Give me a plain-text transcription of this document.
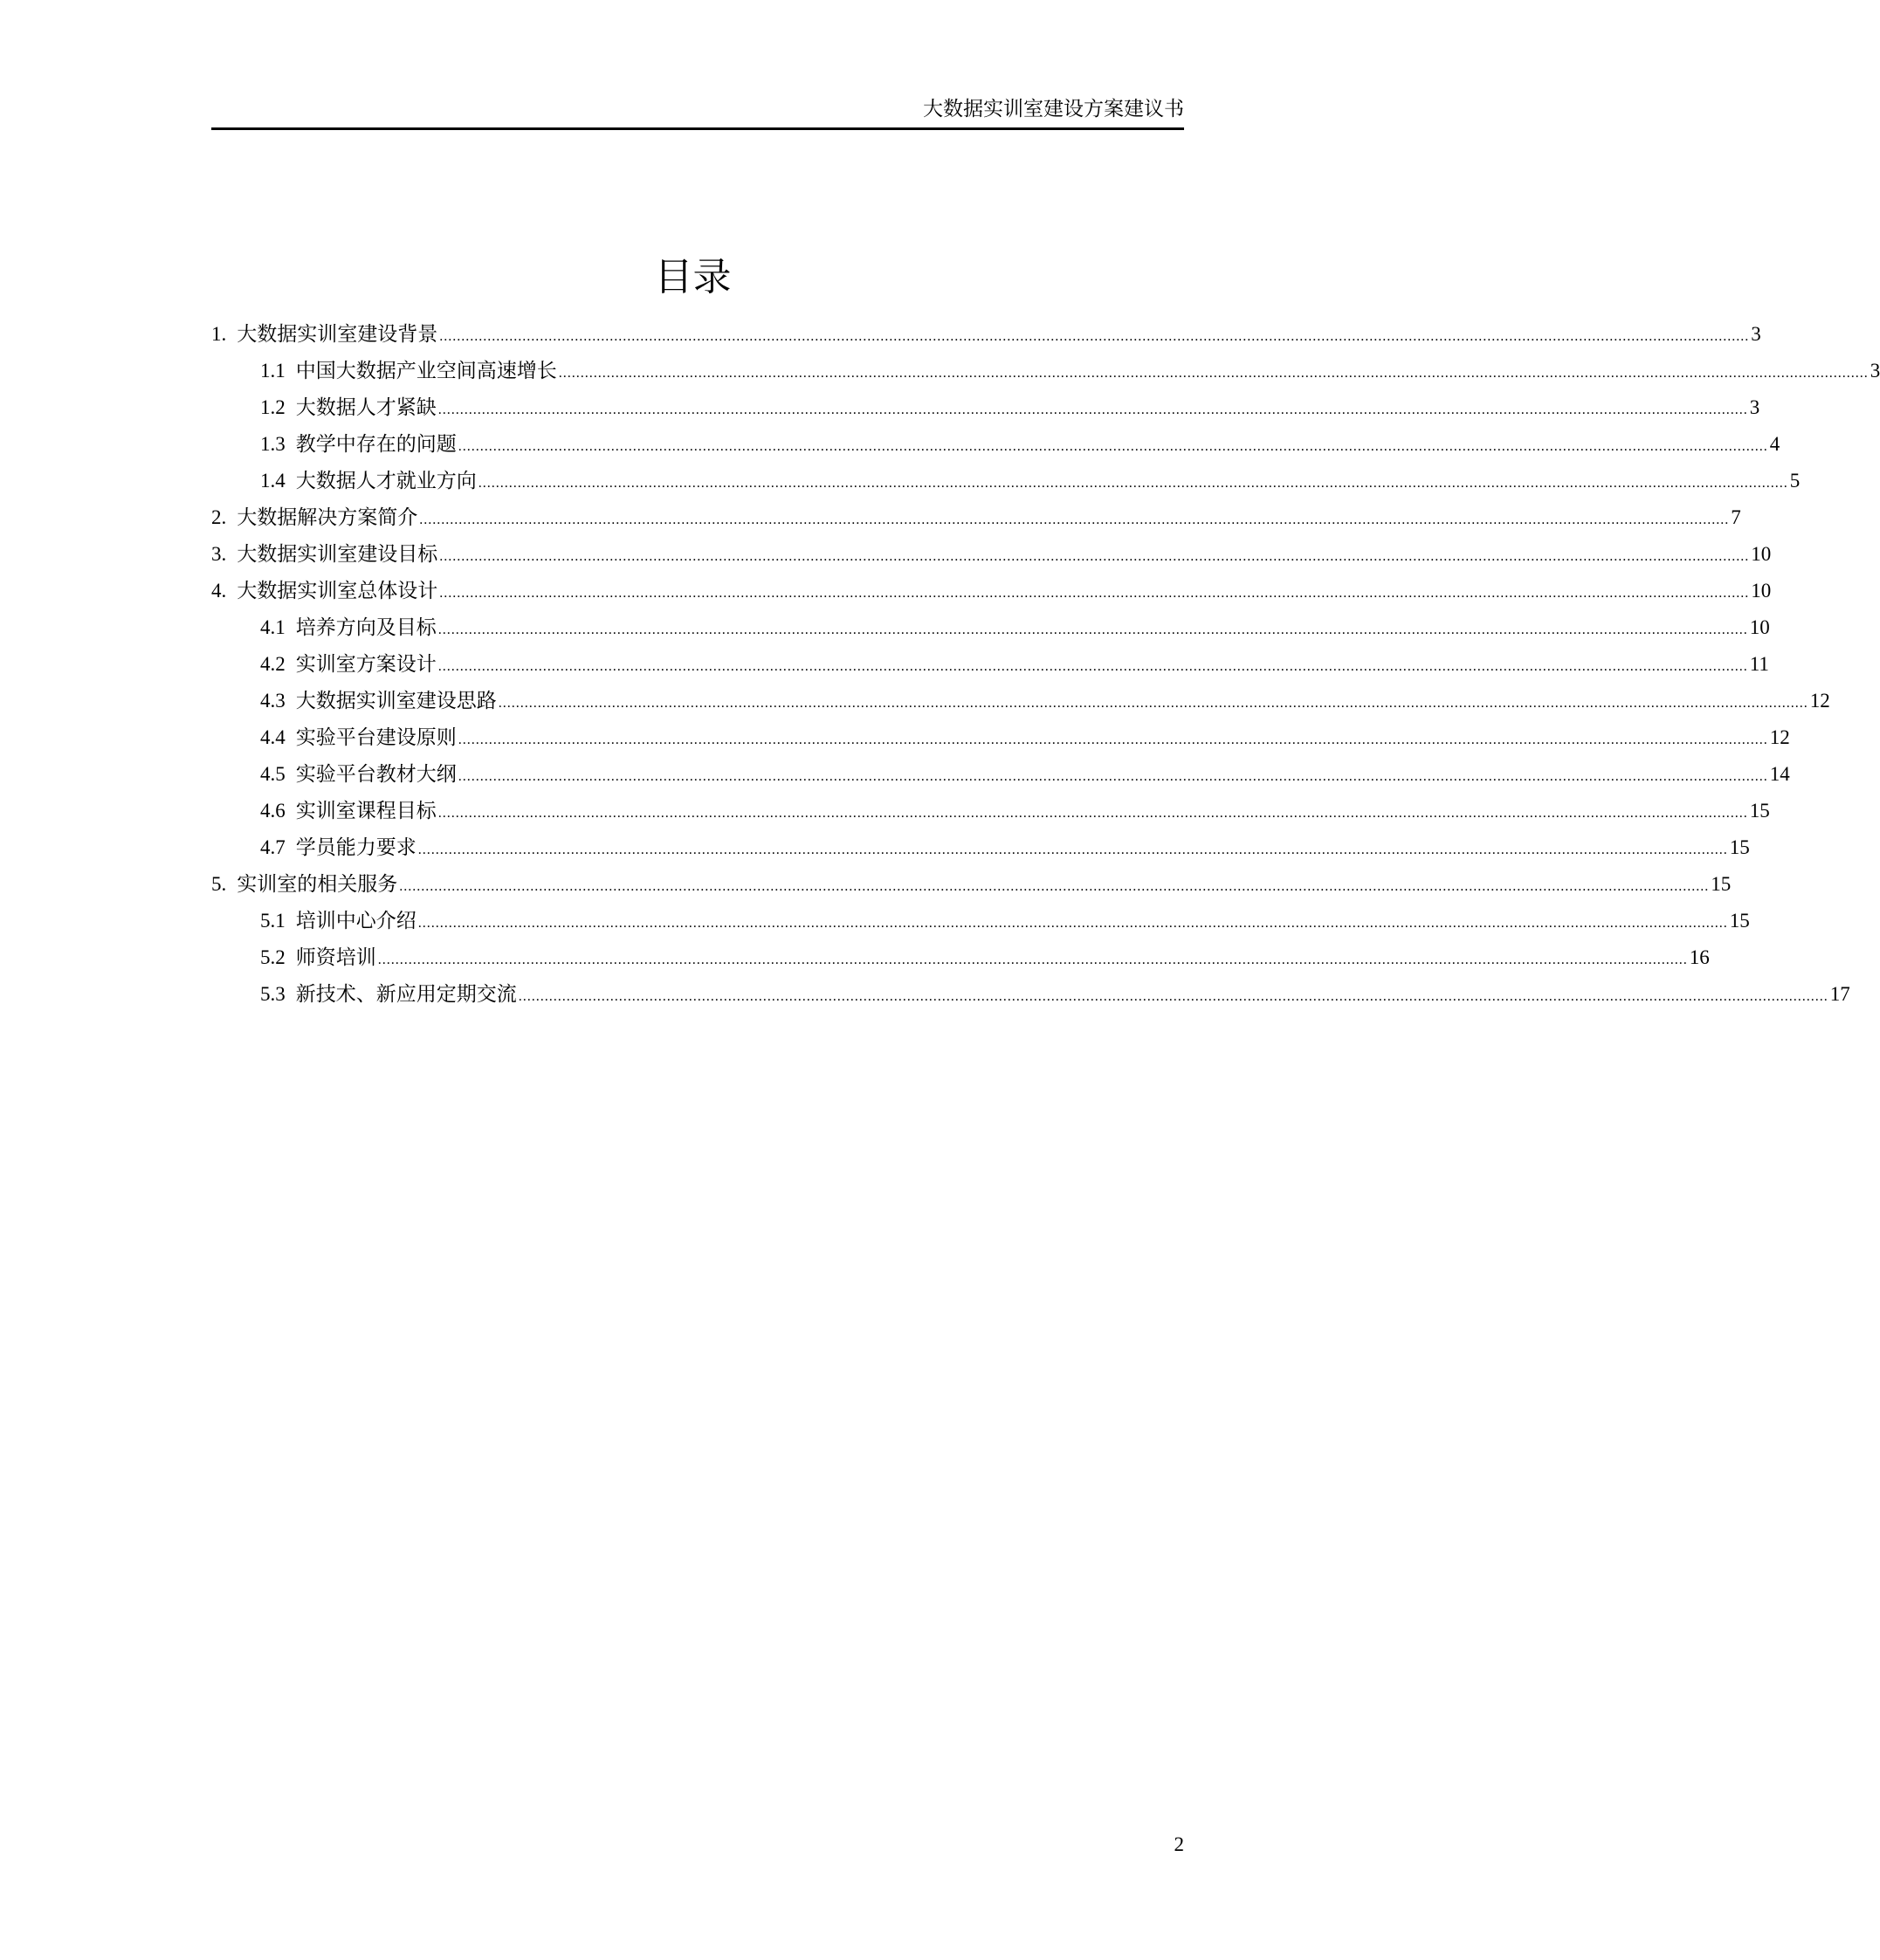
大数据实训室建设方案建议书
目录
1. 大数据实训室建设背景 ............................................................................................................................................................................................................................................................................................................ 3
1.1 中国大数据产业空间高速增长 ............................................................................................................................................................................................................................................................................................................ 3
1.2 大数据人才紧缺 ............................................................................................................................................................................................................................................................................................................ 3
1.3 教学中存在的问题 ............................................................................................................................................................................................................................................................................................................ 4
1.4 大数据人才就业方向 ............................................................................................................................................................................................................................................................................................................ 5
2. 大数据解决方案简介 ............................................................................................................................................................................................................................................................................................................ 7
3. 大数据实训室建设目标 ............................................................................................................................................................................................................................................................................................................ 10
4. 大数据实训室总体设计 ............................................................................................................................................................................................................................................................................................................ 10
4.1 培养方向及目标 ............................................................................................................................................................................................................................................................................................................ 10
4.2 实训室方案设计 ............................................................................................................................................................................................................................................................................................................ 11
4.3 大数据实训室建设思路 ............................................................................................................................................................................................................................................................................................................ 12
4.4 实验平台建设原则 ............................................................................................................................................................................................................................................................................................................ 12
4.5 实验平台教材大纲 ............................................................................................................................................................................................................................................................................................................ 14
4.6 实训室课程目标 ............................................................................................................................................................................................................................................................................................................ 15
4.7 学员能力要求 ............................................................................................................................................................................................................................................................................................................ 15
5. 实训室的相关服务 ............................................................................................................................................................................................................................................................................................................ 15
5.1 培训中心介绍 ............................................................................................................................................................................................................................................................................................................ 15
5.2 师资培训 ............................................................................................................................................................................................................................................................................................................ 16
5.3 新技术、新应用定期交流 ............................................................................................................................................................................................................................................................................................................ 17
2
